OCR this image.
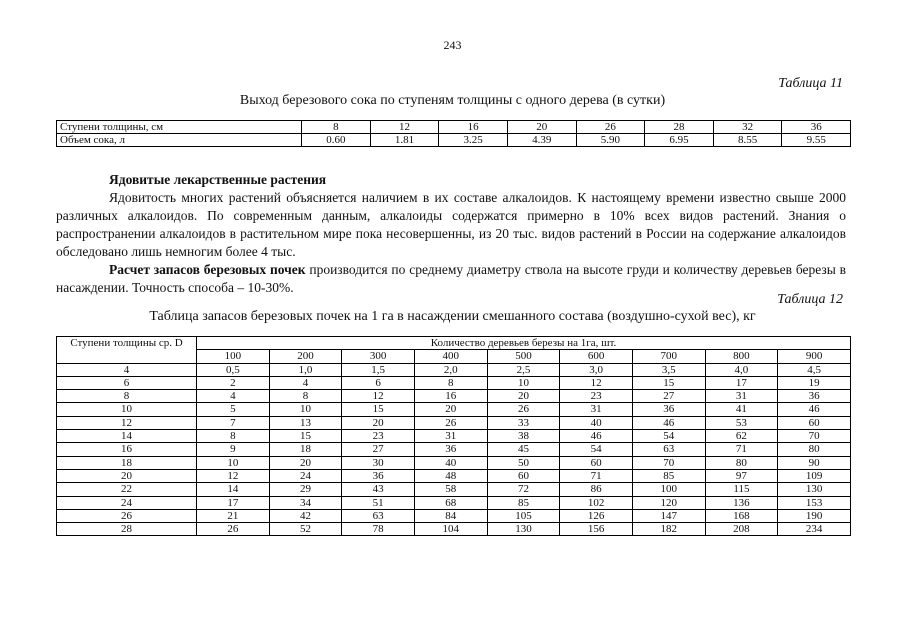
243
Таблица 11
Выход березового сока по ступеням толщины с одного дерева (в сутки)
Ступени толщины, см	8	12	16	20	26	28	32	36
Объем сока, л	0.60	1.81	3.25	4.39	5.90	6.95	8.55	9.55

Ядовитые лекарственные растения

Ядовитость многих растений объясняется наличием в их составе алкалоидов. К настоящему времени известно свыше 2000 различных алкалоидов. По современным данным, алкалоиды содержатся примерно в 10% всех видов растений. Знания о распространении алкалоидов в растительном мире пока несовершенны, из 20 тыс. видов растений в России на содержание алкалоидов обследовано лишь немногим более 4 тыс.

Расчет запасов березовых почек производится по среднему диаметру ствола на высоте груди и количеству деревьев березы в насаждении. Точность способа – 10-30%.

Таблица 12
Таблица запасов березовых почек на 1 га в насаждении смешанного состава (воздушно-сухой вес), кг
Ступени толщины ср. D	Количество деревьев березы на 1га, шт.								
	100	200	300	400	500	600	700	800	900
4	0,5	1,0	1,5	2,0	2,5	3,0	3,5	4,0	4,5
6	2	4	6	8	10	12	15	17	19
8	4	8	12	16	20	23	27	31	36
10	5	10	15	20	26	31	36	41	46
12	7	13	20	26	33	40	46	53	60
14	8	15	23	31	38	46	54	62	70
16	9	18	27	36	45	54	63	71	80
18	10	20	30	40	50	60	70	80	90
20	12	24	36	48	60	71	85	97	109
22	14	29	43	58	72	86	100	115	130
24	17	34	51	68	85	102	120	136	153
26	21	42	63	84	105	126	147	168	190
28	26	52	78	104	130	156	182	208	234
